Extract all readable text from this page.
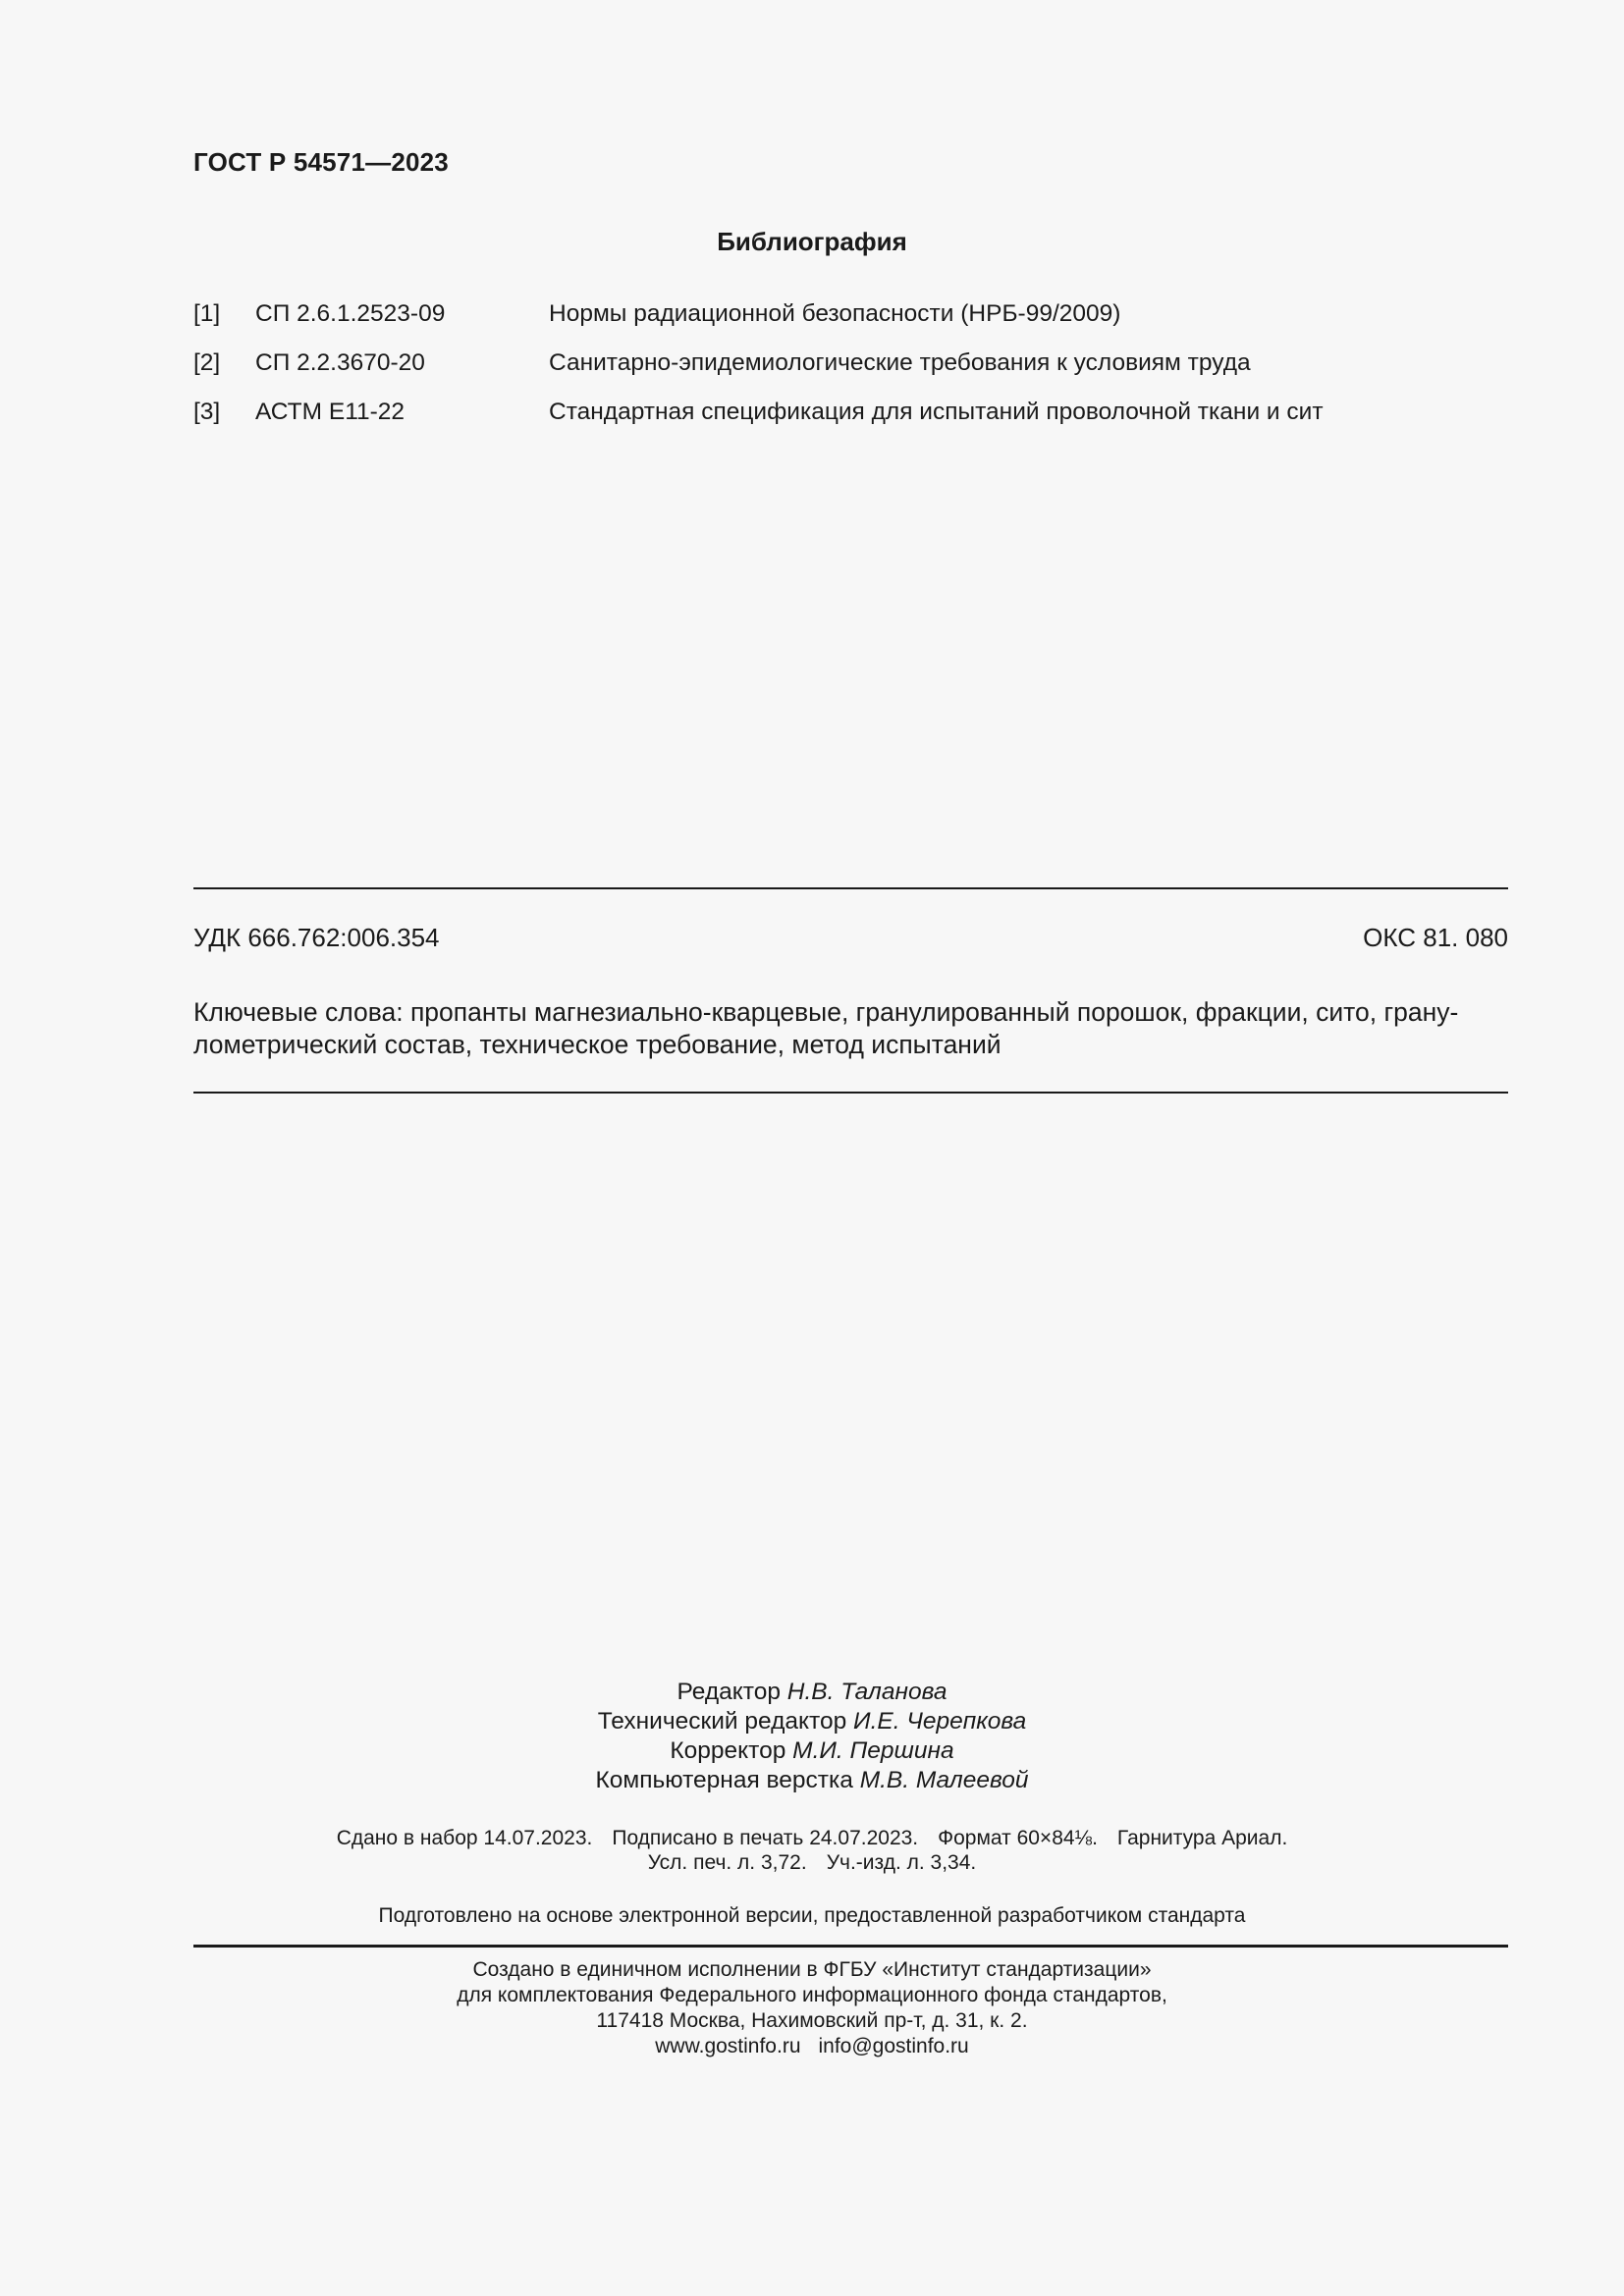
ГОСТ Р 54571—2023
Библиография
[1] СП 2.6.1.2523-09	Нормы радиационной безопасности (НРБ-99/2009)
[2] СП 2.2.3670-20	Санитарно-эпидемиологические требования к условиям труда
[3] АСТМ Е11-22	Стандартная спецификация для испытаний проволочной ткани и сит
УДК 666.762:006.354	ОКС 81. 080
Ключевые слова: пропанты магнезиально-кварцевые, гранулированный порошок, фракции, сито, грану-
лометрический состав, техническое требование, метод испытаний
Редактор Н.В. Таланова
Технический редактор И.Е. Черепкова
Корректор М.И. Першина
Компьютерная верстка М.В. Малеевой
Сдано в набор 14.07.2023. Подписано в печать 24.07.2023. Формат 60×84⅛. Гарнитура Ариал.
Усл. печ. л. 3,72. Уч.-изд. л. 3,34.
Подготовлено на основе электронной версии, предоставленной разработчиком стандарта
Создано в единичном исполнении в ФГБУ «Институт стандартизации»
для комплектования Федерального информационного фонда стандартов,
117418 Москва, Нахимовский пр-т, д. 31, к. 2.
www.gostinfo.ru info@gostinfo.ru
